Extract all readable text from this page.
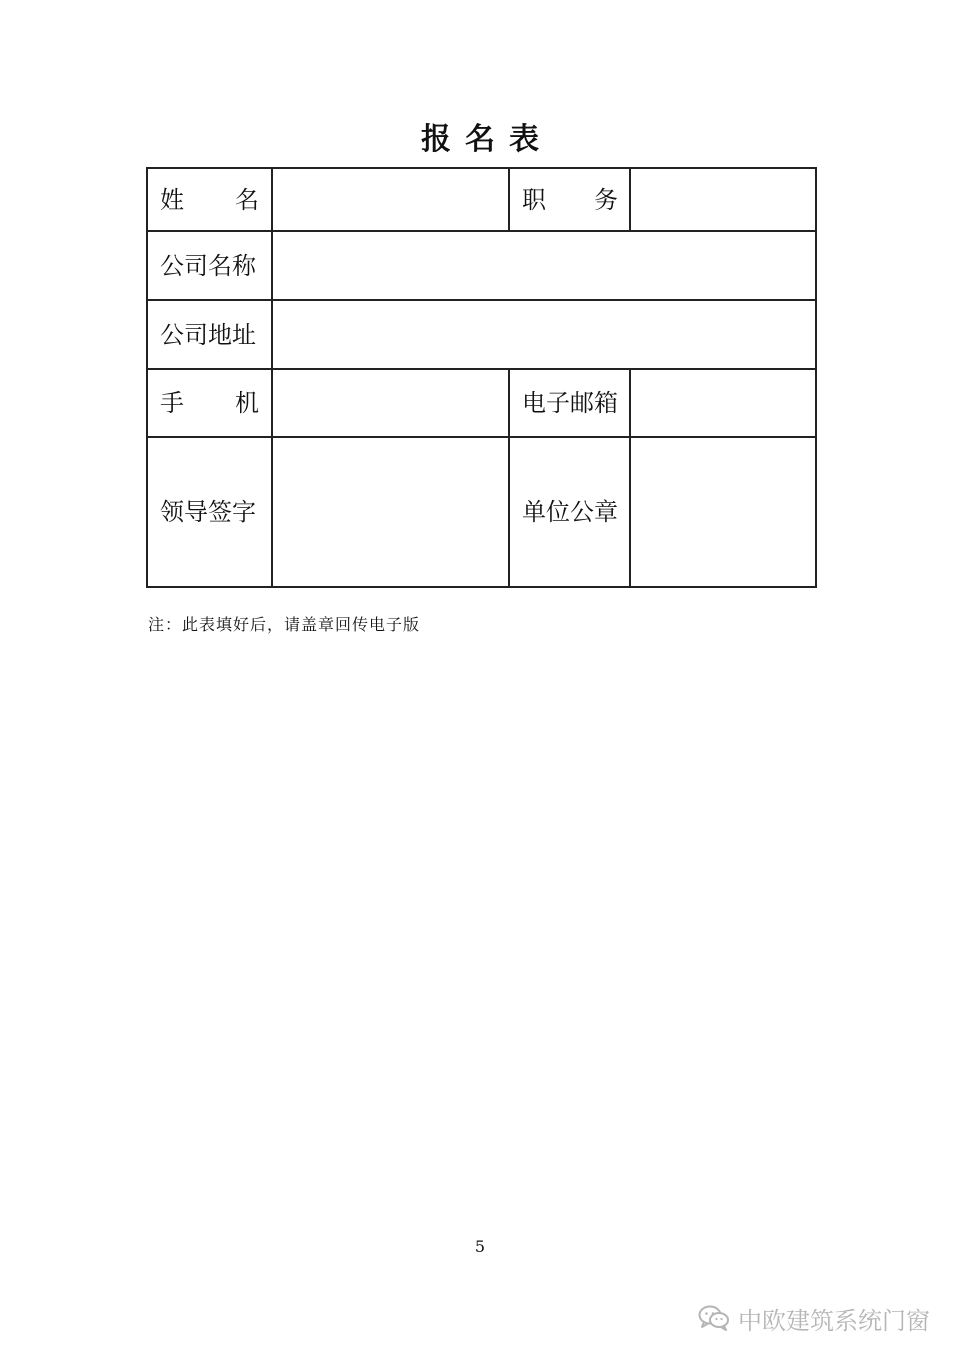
报名表
姓　　名		职　　务	
公司名称			
公司地址			
手　　机		电子邮箱	
领导签字		单位公章	
注：此表填好后，请盖章回传电子版
5
中欧建筑系统门窗
